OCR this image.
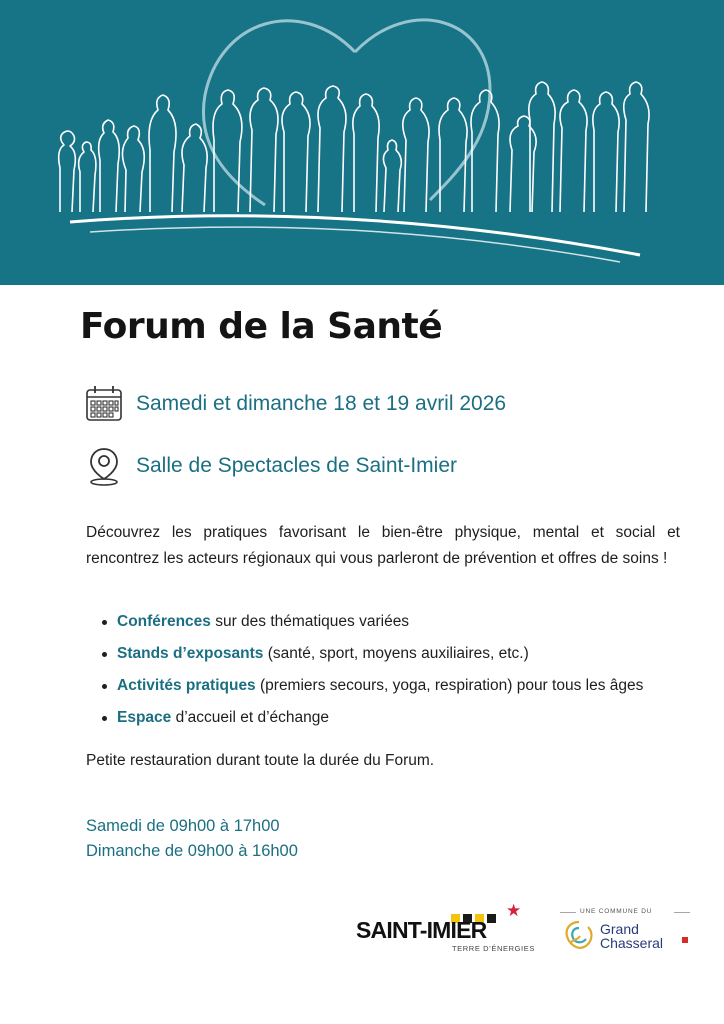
Forum de la Santé
Samedi et dimanche 18 et 19 avril 2026
Salle de Spectacles de Saint-Imier

Découvrez les pratiques favorisant le bien-être physique, mental et social et rencontrez les acteurs régionaux qui vous parleront de prévention et offres de soins !

Conférences sur des thématiques variées
Stands d’exposants (santé, sport, moyens auxiliaires, etc.)
Activités pratiques (premiers secours, yoga, respiration) pour tous les âges
Espace d’accueil et d’échange

Petite restauration durant toute la durée du Forum.

Samedi de 09h00 à 17h00
Dimanche de 09h00 à 16h00

★
SAINT-IMIER
TERRE D’ÉNERGIES
UNE COMMUNE DU
Grand
Chasseral
